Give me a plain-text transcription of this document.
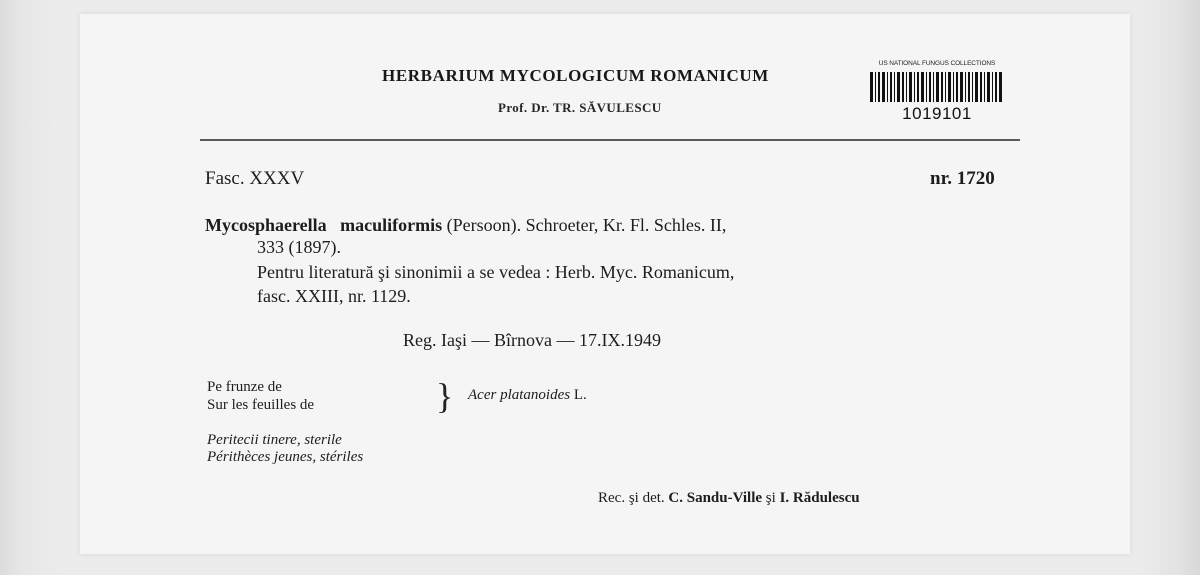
HERBARIUM MYCOLOGICUM ROMANICUM
Prof. Dr. TR. SĂVULESCU
US NATIONAL FUNGUS COLLECTIONS
1019101
Fasc. XXXV	nr. 1720
Mycosphaerella maculiformis (Persoon). Schroeter, Kr. Fl. Schles. II,
333 (1897).
Pentru literatură şi sinonimii a se vedea : Herb. Myc. Romanicum,
fasc. XXIII, nr. 1129.
Reg. Iaşi — Bîrnova — 17.IX.1949
Pe frunze de
Sur les feuilles de	} Acer platanoides L.
Peritecii tinere, sterile
Périthèces jeunes, stériles
Rec. şi det. C. Sandu-Ville şi I. Rădulescu
